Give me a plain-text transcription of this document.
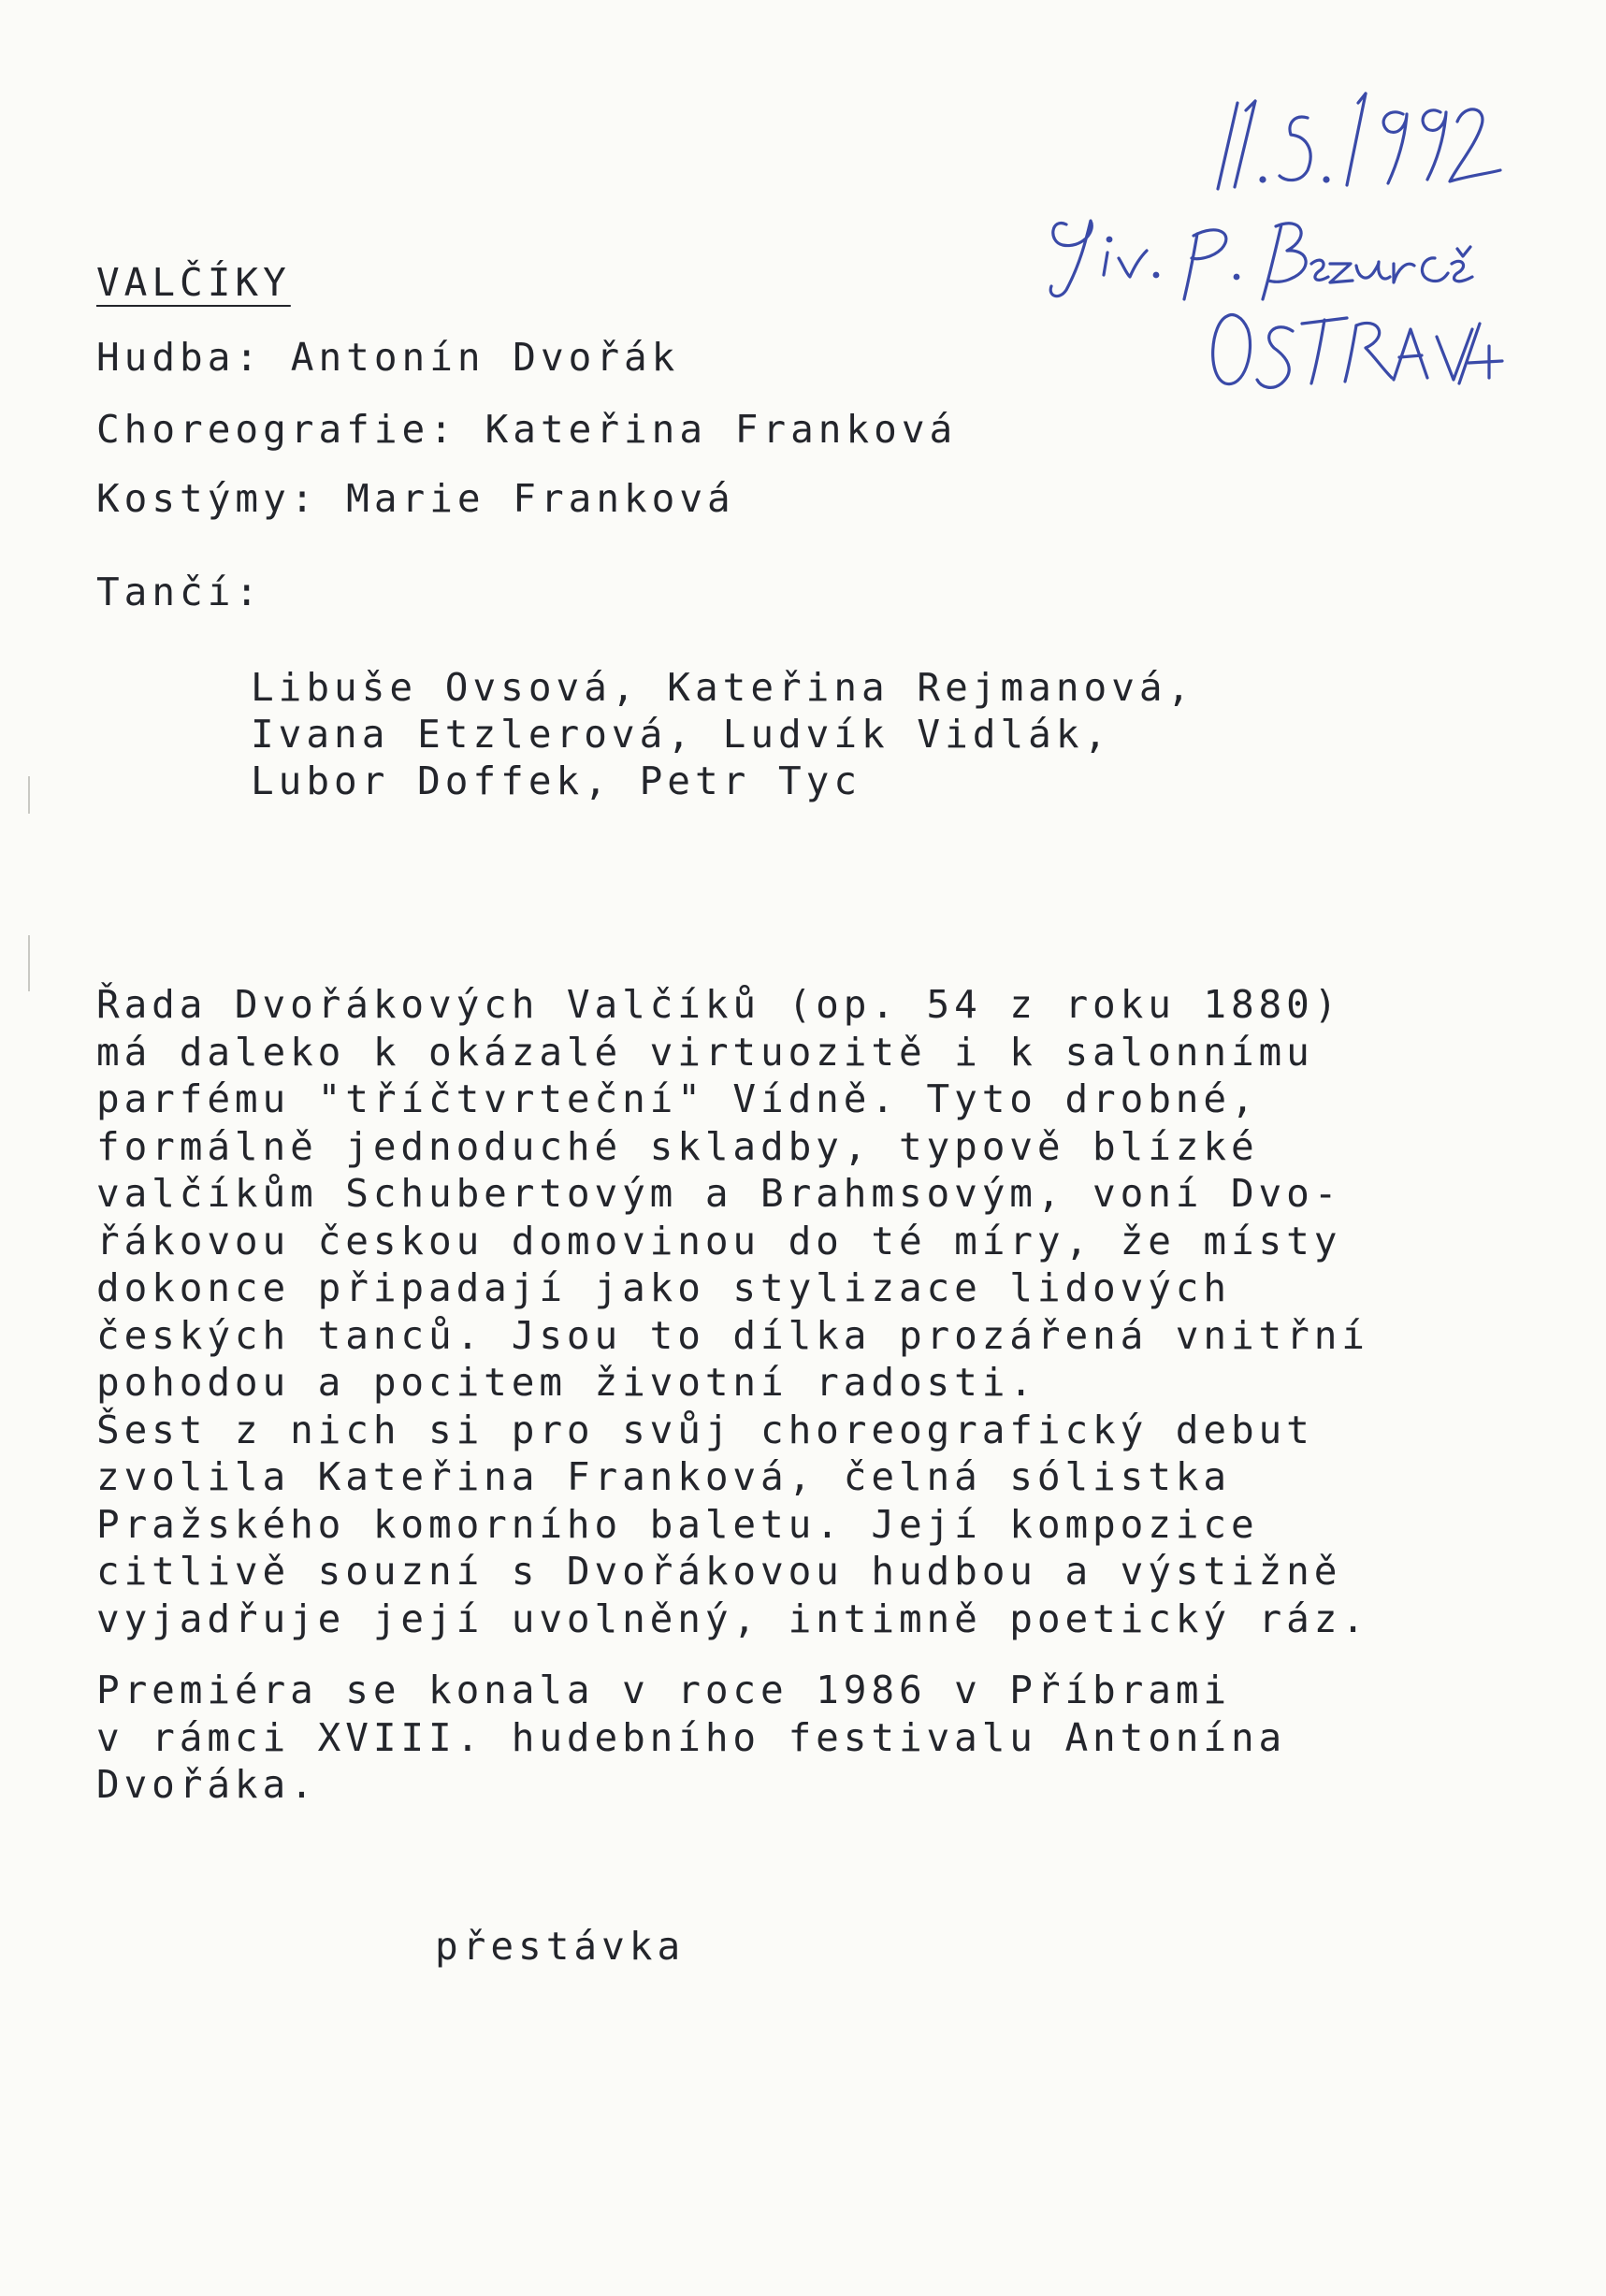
VALČÍKY
Hudba: Antonín Dvořák
Choreografie: Kateřina Franková
Kostýmy: Marie Franková
Tančí:
Libuše Ovsová, Kateřina Rejmanová,
Ivana Etzlerová, Ludvík Vidlák,
Lubor Doffek, Petr Tyc
Řada Dvořákových Valčíků (op. 54 z roku 1880)
má daleko k okázalé virtuozitě i k salonnímu
parfému "tříčtvrteční" Vídně. Tyto drobné,
formálně jednoduché skladby, typově blízké
valčíkům Schubertovým a Brahmsovým, voní Dvo-
řákovou českou domovinou do té míry, že místy
dokonce připadají jako stylizace lidových
českých tanců. Jsou to dílka prozářená vnitřní
pohodou a pocitem životní radosti.
Šest z nich si pro svůj choreografický debut
zvolila Kateřina Franková, čelná sólistka
Pražského komorního baletu. Její kompozice
citlivě souzní s Dvořákovou hudbou a výstižně
vyjadřuje její uvolněný, intimně poetický ráz.
Premiéra se konala v roce 1986 v Příbrami
v rámci XVIII. hudebního festivalu Antonína
Dvořáka.
přestávka
